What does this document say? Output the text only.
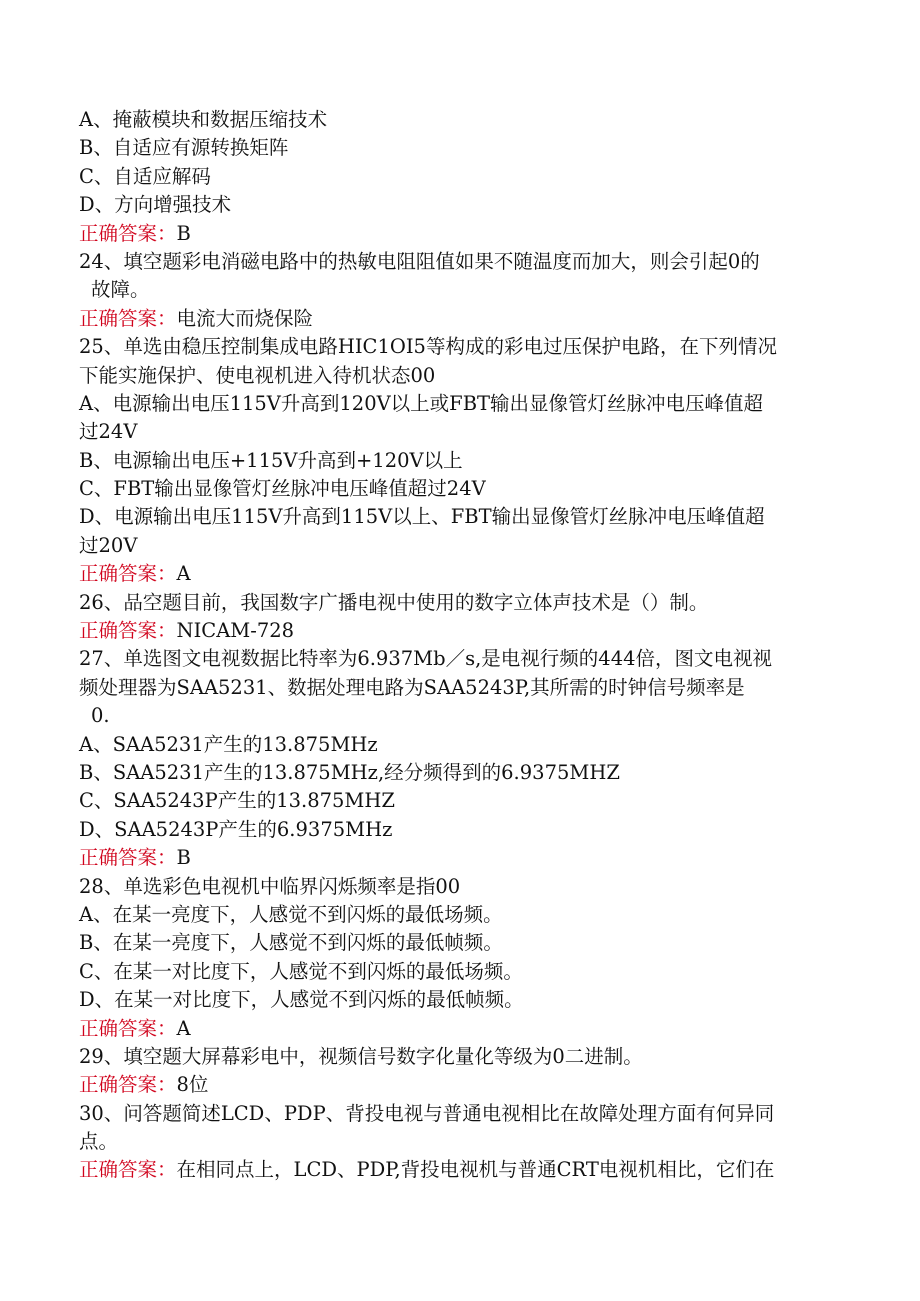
A、掩蔽模块和数据压缩技术
B、自适应有源转换矩阵
C、自适应解码
D、方向增强技术
正确答案：B
24、填空题彩电消磁电路中的热敏电阻阻值如果不随温度而加大，则会引起0的
故障。
正确答案：电流大而烧保险
25、单选由稳压控制集成电路HIC1OI5等构成的彩电过压保护电路，在下列情况
下能实施保护、使电视机进入待机状态00
A、电源输出电压115V升高到120V以上或FBT输出显像管灯丝脉冲电压峰值超
过24V
B、电源输出电压+115V升高到+120V以上
C、FBT输出显像管灯丝脉冲电压峰值超过24V
D、电源输出电压115V升高到115V以上、FBT输出显像管灯丝脉冲电压峰值超
过20V
正确答案：A
26、品空题目前，我国数字广播电视中使用的数字立体声技术是（）制。
正确答案：NICAM-728
27、单选图文电视数据比特率为6.937Mb／s,是电视行频的444倍，图文电视视
频处理器为SAA5231、数据处理电路为SAA5243P,其所需的时钟信号频率是
0.
A、SAA5231产生的13.875MHz
B、SAA5231产生的13.875MHz,经分频得到的6.9375MHZ
C、SAA5243P产生的13.875MHZ
D、SAA5243P产生的6.9375MHz
正确答案：B
28、单选彩色电视机中临界闪烁频率是指00
A、在某一亮度下，人感觉不到闪烁的最低场频。
B、在某一亮度下，人感觉不到闪烁的最低帧频。
C、在某一对比度下，人感觉不到闪烁的最低场频。
D、在某一对比度下，人感觉不到闪烁的最低帧频。
正确答案：A
29、填空题大屏幕彩电中，视频信号数字化量化等级为0二进制。
正确答案：8位
30、问答题简述LCD、PDP、背投电视与普通电视相比在故障处理方面有何异同
点。
正确答案：在相同点上，LCD、PDP,背投电视机与普通CRT电视机相比，它们在
